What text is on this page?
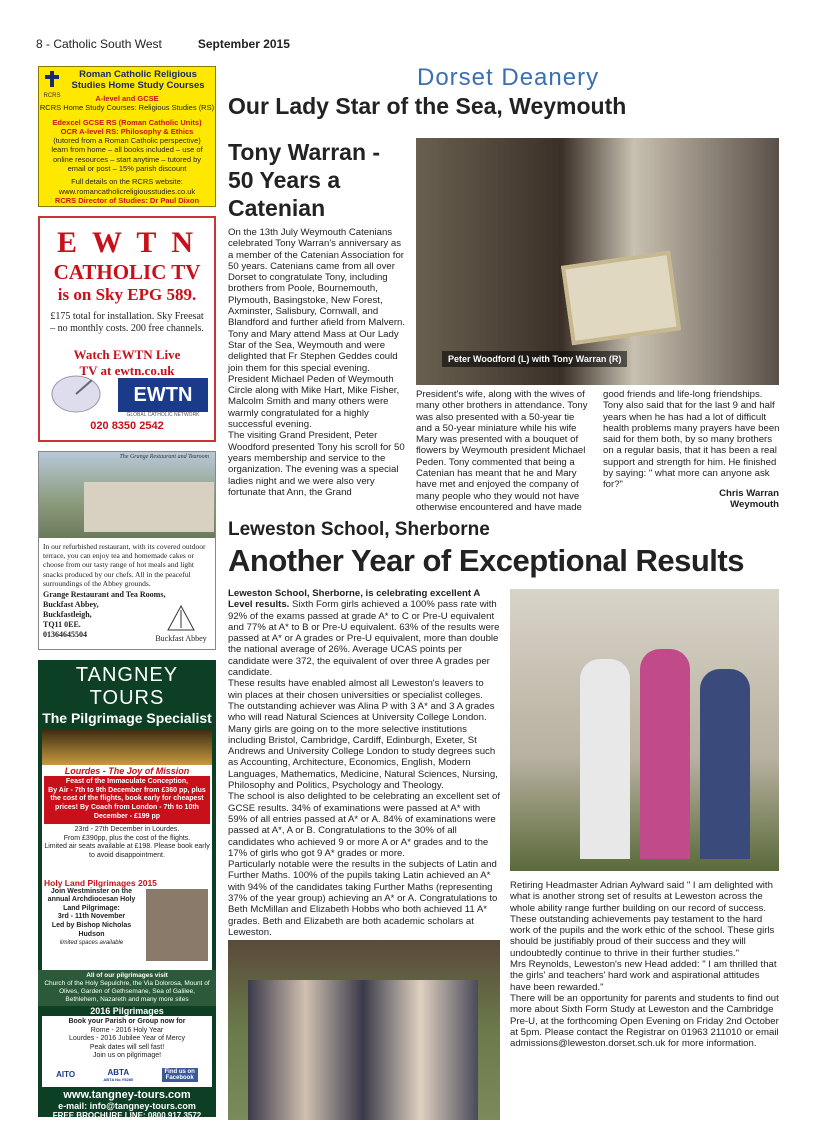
8 - Catholic South West	September 2015
RCRS
Roman Catholic Religious Studies Home Study Courses
A-level and GCSE
RCRS Home Study Courses: Religious Studies (RS)
Edexcel GCSE RS (Roman Catholic Units)
OCR A-level RS: Philosophy & Ethics
(tutored from a Roman Catholic perspective)
learn from home – all books included – use of online resources – start anytime – tutored by email or post – 15% parish discount
Full details on the RCRS website:
www.romancatholicreligiousstudies.co.uk
RCRS Director of Studies: Dr Paul Dixon
E W T N
CATHOLIC TV
is on Sky EPG 589.
£175 total for installation. Sky Freesat – no monthly costs. 200 free channels.
Watch EWTN Live
TV at ewtn.co.uk
EWTN
GLOBAL CATHOLIC NETWORK
020 8350 2542
The Grange Restaurant and Tearoom
In our refurbished restaurant, with its covered outdoor terrace, you can enjoy tea and homemade cakes or choose from our tasty range of hot meals and light snacks produced by our chefs. All in the peaceful surroundings of the Abbey grounds.
Grange Restaurant and Tea Rooms,
Buckfast Abbey,
Buckfastleigh,
TQ11 0EE.
01364645504	Buckfast Abbey
TANGNEY TOURS
The Pilgrimage Specialist
Lourdes - The Joy of Mission
Feast of the Immaculate Conception,
By Air - 7th to 9th December from £360 pp, plus the cost of the flights, book early for cheapest prices! By Coach from London - 7th to 10th December - £199 pp
23rd - 27th December in Lourdes.
From £390pp, plus the cost of the flights.
Limited air seats available at £198. Please book early to avoid disappointment.
Holy Land Pilgrimages 2015
Join Westminster on the annual Archdiocesan Holy Land Pilgrimage:
3rd - 11th November
Led by Bishop Nicholas Hudson
limited spaces available
All of our pilgrimages visit
Church of the Holy Sepulchre, the Via Dolorosa, Mount of Olives, Garden of Gethsemane, Sea of Galilee, Bethlehem, Nazareth and many more sites
2016 Pilgrimages
Book your Parish or Group now for
Rome - 2016 Holy Year
Lourdes - 2016 Jubilee Year of Mercy
Peak dates will sell fast!
Join us on pilgrimage!
AITO	ABTA
ABTA No.Y5280
Find us on
Facebook
www.tangney-tours.com
e-mail: info@tangney-tours.com
FREE BROCHURE LINE: 0800 917 3572
Dorset Deanery
Our Lady Star of the Sea, Weymouth
Tony Warran - 50 Years a Catenian
On the 13th July Weymouth Catenians celebrated Tony Warran's anniversary as a member of the Catenian Association for 50 years. Catenians came from all over Dorset to congratulate Tony, including brothers from Poole, Bournemouth, Plymouth, Basingstoke, New Forest, Axminster, Salisbury, Cornwall, and Blandford and further afield from Malvern. Tony and Mary attend Mass at Our Lady Star of the Sea, Weymouth and were delighted that Fr Stephen Geddes could join them for this special evening. President Michael Peden of Weymouth Circle along with Mike Hart, Mike Fisher, Malcolm Smith and many others were warmly congratulated for a highly successful evening.
The visiting Grand President, Peter Woodford presented Tony his scroll for 50 years membership and service to the organization. The evening was a special ladies night and we were also very fortunate that Ann, the Grand
Peter Woodford (L) with Tony Warran (R)
President's wife, along with the wives of many other brothers in attendance. Tony was also presented with a 50-year tie and a 50-year miniature while his wife Mary was presented with a bouquet of flowers by Weymouth president Michael Peden. Tony commented that being a Catenian has meant that he and Mary have met and enjoyed the company of many people who they would not have otherwise encountered and have made
good friends and life-long friendships. Tony also said that for the last 9 and half years when he has had a lot of difficult health problems many prayers have been said for them both, by so many brothers on a regular basis, that it has been a real support and strength for him. He finished by saying: " what more can anyone ask for?"
Chris Warran
Weymouth
Leweston School, Sherborne
Another Year of Exceptional Results
Leweston School, Sherborne, is celebrating excellent A Level results. Sixth Form girls achieved a 100% pass rate with 92% of the exams passed at grade A* to C or Pre-U equivalent and 77% at A* to B or Pre-U equivalent. 63% of the results were passed at A* or A grades or Pre-U equivalent, more than double the national average of 26%. Average UCAS points per candidate were 372, the equivalent of over three A grades per candidate.
These results have enabled almost all Leweston's leavers to win places at their chosen universities or specialist colleges. The outstanding achiever was Alina P with 3 A* and 3 A grades who will read Natural Sciences at University College London. Many girls are going on to the more selective institutions including Bristol, Cambridge, Cardiff, Edinburgh, Exeter, St Andrews and University College London to study degrees such as Accounting, Architecture, Economics, English, Modern Languages, Mathematics, Medicine, Natural Sciences, Nursing, Philosophy and Politics, Psychology and Theology.
The school is also delighted to be celebrating an excellent set of GCSE results. 34% of examinations were passed at A* with 59% of all entries passed at A* or A. 84% of examinations were passed at A*, A or B. Congratulations to the 30% of all candidates who achieved 9 or more A or A* grades and to the 17% of girls who got 9 A* grades or more.
Particularly notable were the results in the subjects of Latin and Further Maths. 100% of the pupils taking Latin achieved an A* with 94% of the candidates taking Further Maths (representing 37% of the year group) achieving an A* or A. Congratulations to Beth McMillan and Elizabeth Hobbs who both achieved 11 A* grades. Beth and Elizabeth are both academic scholars at Leweston.
Retiring Headmaster Adrian Aylward said " I am delighted with what is another strong set of results at Leweston across the whole ability range further building on our record of success. These outstanding achievements pay testament to the hard work of the pupils and the work ethic of the school. These girls should be justifiably proud of their success and they will undoubtedly continue to thrive in their further studies."
Mrs Reynolds, Leweston's new Head added: " I am thrilled that the girls' and teachers' hard work and aspirational attitudes have been rewarded."
There will be an opportunity for parents and students to find out more about Sixth Form Study at Leweston and the Cambridge Pre-U, at the forthcoming Open Evening on Friday 2nd October at 5pm. Please contact the Registrar on 01963 211010 or email admissions@leweston.dorset.sch.uk for more information.
